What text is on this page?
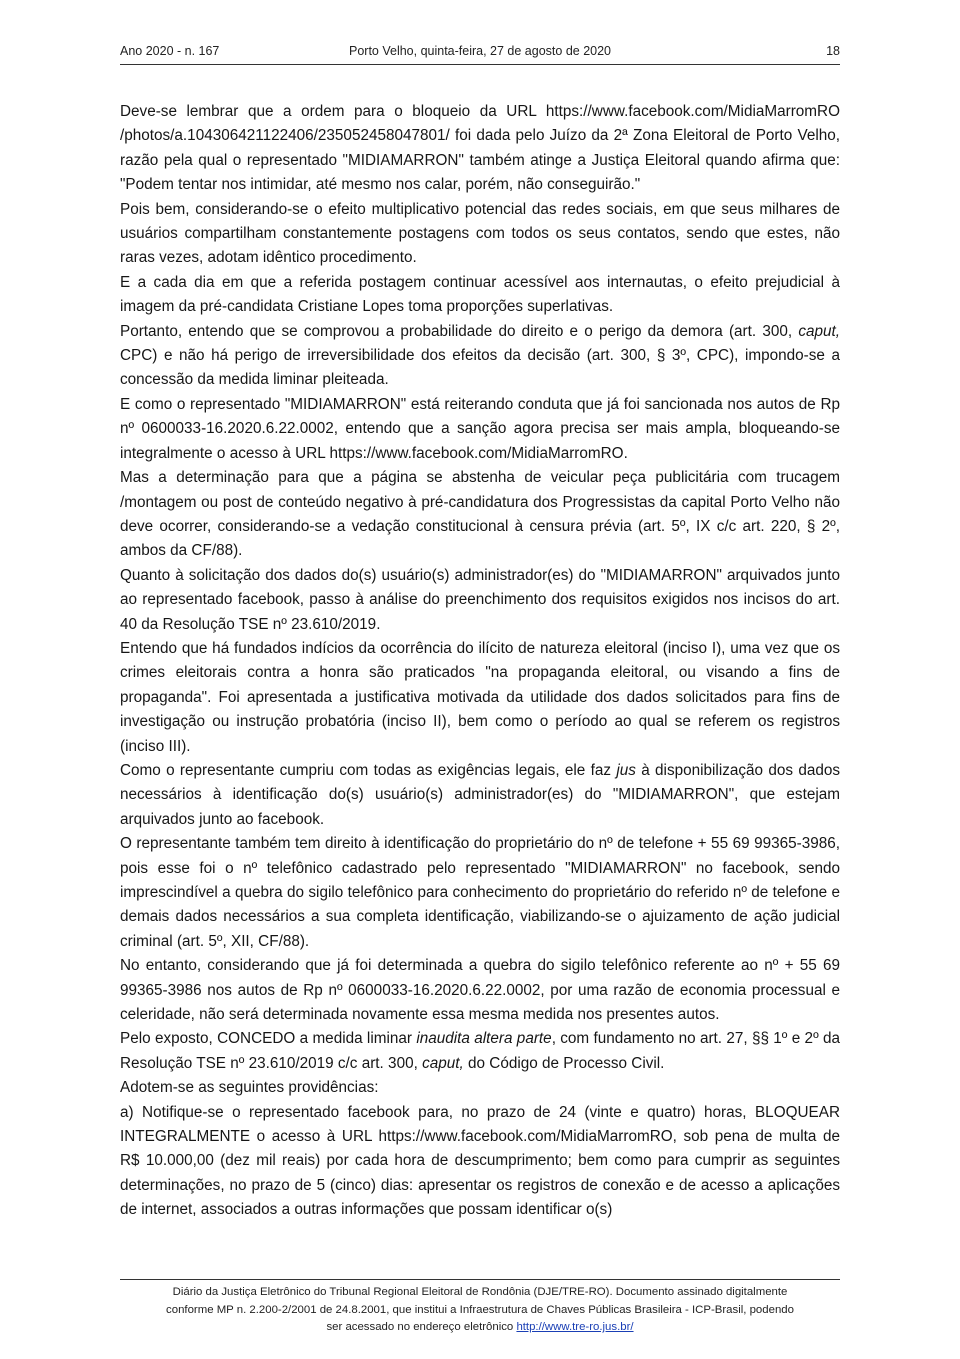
Ano 2020 - n. 167	Porto Velho, quinta-feira, 27 de agosto de 2020	18

Deve-se lembrar que a ordem para o bloqueio da URL https://www.facebook.com/MidiaMarromRO /photos/a.104306421122406/235052458047801/ foi dada pelo Juízo da 2ª Zona Eleitoral de Porto Velho, razão pela qual o representado "MIDIAMARRON" também atinge a Justiça Eleitoral quando afirma que: "Podem tentar nos intimidar, até mesmo nos calar, porém, não conseguirão."

Pois bem, considerando-se o efeito multiplicativo potencial das redes sociais, em que seus milhares de usuários compartilham constantemente postagens com todos os seus contatos, sendo que estes, não raras vezes, adotam idêntico procedimento.

E a cada dia em que a referida postagem continuar acessível aos internautas, o efeito prejudicial à imagem da pré-candidata Cristiane Lopes toma proporções superlativas.

Portanto, entendo que se comprovou a probabilidade do direito e o perigo da demora (art. 300, caput, CPC) e não há perigo de irreversibilidade dos efeitos da decisão (art. 300, § 3º, CPC), impondo-se a concessão da medida liminar pleiteada.

E como o representado "MIDIAMARRON" está reiterando conduta que já foi sancionada nos autos de Rp nº 0600033-16.2020.6.22.0002, entendo que a sanção agora precisa ser mais ampla, bloqueando-se integralmente o acesso à URL https://www.facebook.com/MidiaMarromRO.

Mas a determinação para que a página se abstenha de veicular peça publicitária com trucagem /montagem ou post de conteúdo negativo à pré-candidatura dos Progressistas da capital Porto Velho não deve ocorrer, considerando-se a vedação constitucional à censura prévia (art. 5º, IX c/c art. 220, § 2º, ambos da CF/88).

Quanto à solicitação dos dados do(s) usuário(s) administrador(es) do "MIDIAMARRON" arquivados junto ao representado facebook, passo à análise do preenchimento dos requisitos exigidos nos incisos do art. 40 da Resolução TSE nº 23.610/2019.

Entendo que há fundados indícios da ocorrência do ilícito de natureza eleitoral (inciso I), uma vez que os crimes eleitorais contra a honra são praticados "na propaganda eleitoral, ou visando a fins de propaganda". Foi apresentada a justificativa motivada da utilidade dos dados solicitados para fins de investigação ou instrução probatória (inciso II), bem como o período ao qual se referem os registros (inciso III).

Como o representante cumpriu com todas as exigências legais, ele faz jus à disponibilização dos dados necessários à identificação do(s) usuário(s) administrador(es) do "MIDIAMARRON", que estejam arquivados junto ao facebook.

O representante também tem direito à identificação do proprietário do nº de telefone + 55 69 99365-3986, pois esse foi o nº telefônico cadastrado pelo representado "MIDIAMARRON" no facebook, sendo imprescindível a quebra do sigilo telefônico para conhecimento do proprietário do referido nº de telefone e demais dados necessários a sua completa identificação, viabilizando-se o ajuizamento de ação judicial criminal (art. 5º, XII, CF/88).

No entanto, considerando que já foi determinada a quebra do sigilo telefônico referente ao nº + 55 69 99365-3986 nos autos de Rp nº 0600033-16.2020.6.22.0002, por uma razão de economia processual e celeridade, não será determinada novamente essa mesma medida nos presentes autos.

Pelo exposto, CONCEDO a medida liminar inaudita altera parte, com fundamento no art. 27, §§ 1º e 2º da Resolução TSE nº 23.610/2019 c/c art. 300, caput, do Código de Processo Civil.

Adotem-se as seguintes providências:

a) Notifique-se o representado facebook para, no prazo de 24 (vinte e quatro) horas, BLOQUEAR INTEGRALMENTE o acesso à URL https://www.facebook.com/MidiaMarromRO, sob pena de multa de R$ 10.000,00 (dez mil reais) por cada hora de descumprimento; bem como para cumprir as seguintes determinações, no prazo de 5 (cinco) dias: apresentar os registros de conexão e de acesso a aplicações de internet, associados a outras informações que possam identificar o(s)

Diário da Justiça Eletrônico do Tribunal Regional Eleitoral de Rondônia (DJE/TRE-RO). Documento assinado digitalmente
conforme MP n. 2.200-2/2001 de 24.8.2001, que institui a Infraestrutura de Chaves Públicas Brasileira - ICP-Brasil, podendo
ser acessado no endereço eletrônico http://www.tre-ro.jus.br/
